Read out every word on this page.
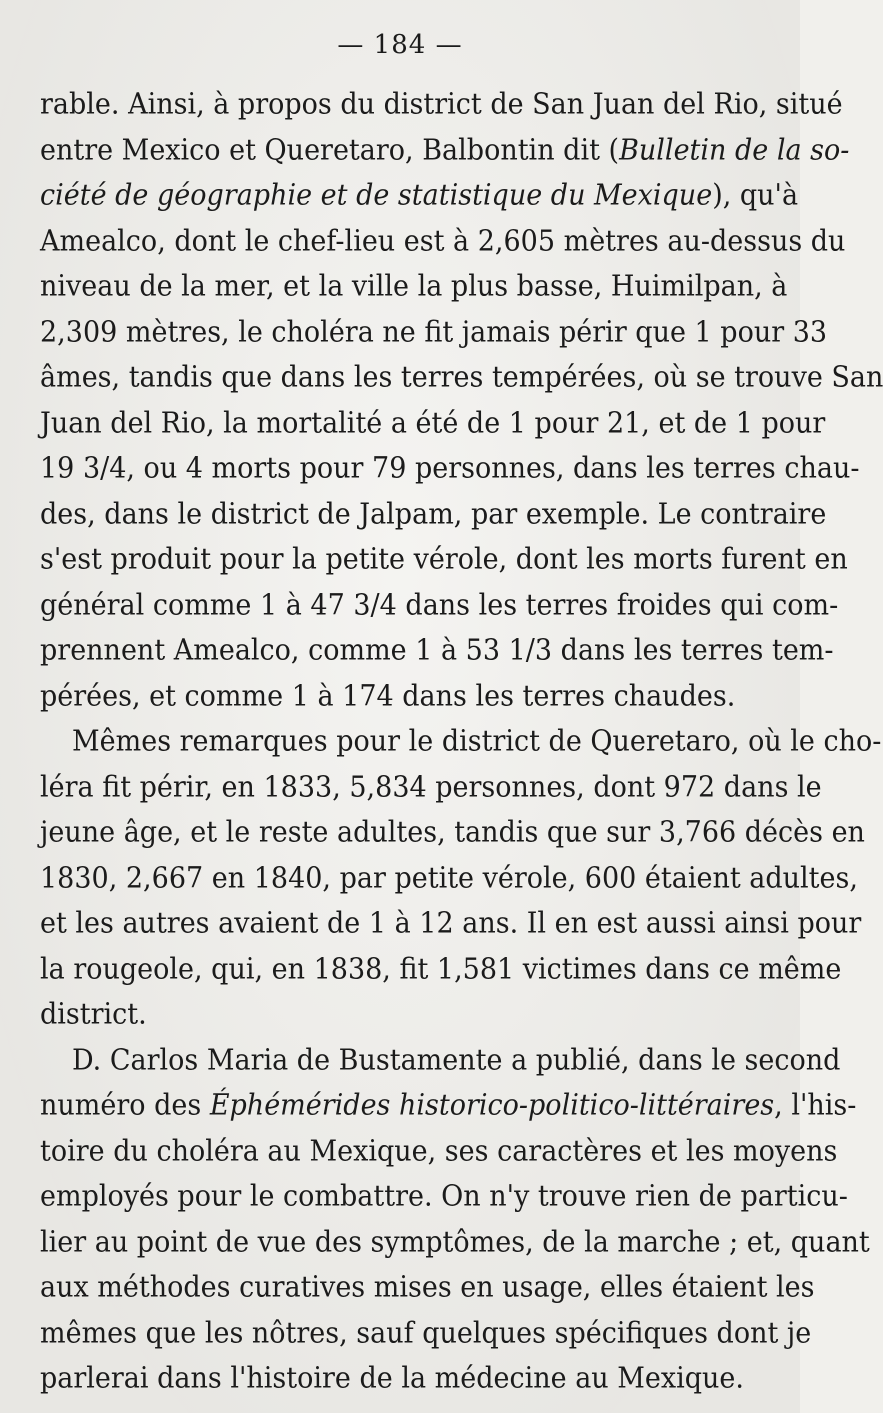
— 184 —
rable. Ainsi, à propos du district de San Juan del Rio, situé
entre Mexico et Queretaro, Balbontin dit (Bulletin de la so-
ciété de géographie et de statistique du Mexique), qu'à
Amealco, dont le chef-lieu est à 2,605 mètres au-dessus du
niveau de la mer, et la ville la plus basse, Huimilpan, à
2,309 mètres, le choléra ne fit jamais périr que 1 pour 33
âmes, tandis que dans les terres tempérées, où se trouve San
Juan del Rio, la mortalité a été de 1 pour 21, et de 1 pour
19 3/4, ou 4 morts pour 79 personnes, dans les terres chau-
des, dans le district de Jalpam, par exemple. Le contraire
s'est produit pour la petite vérole, dont les morts furent en
général comme 1 à 47 3/4 dans les terres froides qui com-
prennent Amealco, comme 1 à 53 1/3 dans les terres tem-
pérées, et comme 1 à 174 dans les terres chaudes.
Mêmes remarques pour le district de Queretaro, où le cho-
léra fit périr, en 1833, 5,834 personnes, dont 972 dans le
jeune âge, et le reste adultes, tandis que sur 3,766 décès en
1830, 2,667 en 1840, par petite vérole, 600 étaient adultes,
et les autres avaient de 1 à 12 ans. Il en est aussi ainsi pour
la rougeole, qui, en 1838, fit 1,581 victimes dans ce même
district.
D. Carlos Maria de Bustamente a publié, dans le second
numéro des Éphémérides historico-politico-littéraires, l'his-
toire du choléra au Mexique, ses caractères et les moyens
employés pour le combattre. On n'y trouve rien de particu-
lier au point de vue des symptômes, de la marche ; et, quant
aux méthodes curatives mises en usage, elles étaient les
mêmes que les nôtres, sauf quelques spécifiques dont je
parlerai dans l'histoire de la médecine au Mexique.
